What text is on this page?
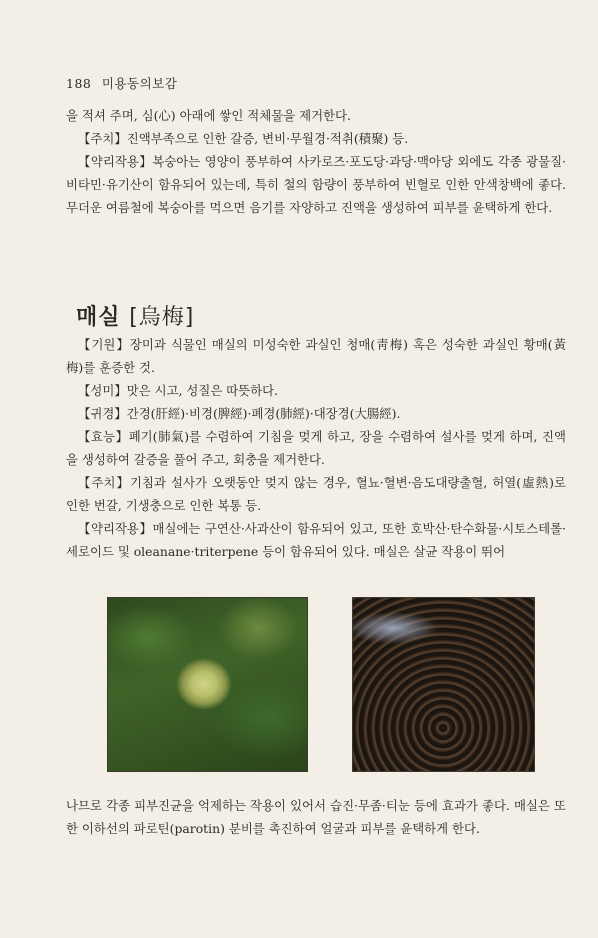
188 미용동의보감

을 적셔 주며, 심(心) 아래에 쌓인 적체물을 제거한다.

【주치】진액부족으로 인한 갈증, 변비·무월경·적취(積聚) 등.

【약리작용】복숭아는 영양이 풍부하여 사카로즈·포도당·과당·맥아당 외에도 각종 광물질·비타민·유기산이 함유되어 있는데, 특히 철의 함량이 풍부하여 빈혈로 인한 안색창백에 좋다. 무더운 여름철에 복숭아를 먹으면 음기를 자양하고 진액을 생성하여 피부를 윤택하게 한다.

매실 [烏梅]

【기원】장미과 식물인 매실의 미성숙한 과실인 청매(靑梅) 혹은 성숙한 과실인 황매(黃梅)를 훈증한 것.

【성미】맛은 시고, 성질은 따뜻하다.

【귀경】간경(肝經)·비경(脾經)·폐경(肺經)·대장경(大腸經).

【효능】폐기(肺氣)를 수렴하여 기침을 멎게 하고, 장을 수렴하여 설사를 멎게 하며, 진액을 생성하여 갈증을 풀어 주고, 회충을 제거한다.

【주치】기침과 설사가 오랫동안 멎지 않는 경우, 혈뇨·혈변·음도대량출혈, 허열(虛熱)로 인한 번갈, 기생충으로 인한 복통 등.

【약리작용】매실에는 구연산·사과산이 함유되어 있고, 또한 호박산·탄수화물·시토스테롤·세로이드 및 oleanane·triterpene 등이 함유되어 있다. 매실은 살균 작용이 뛰어

나므로 각종 피부진균을 억제하는 작용이 있어서 습진·무좀·티눈 등에 효과가 좋다. 매실은 또한 이하선의 파로틴(parotin) 분비를 촉진하여 얼굴과 피부를 윤택하게 한다.
